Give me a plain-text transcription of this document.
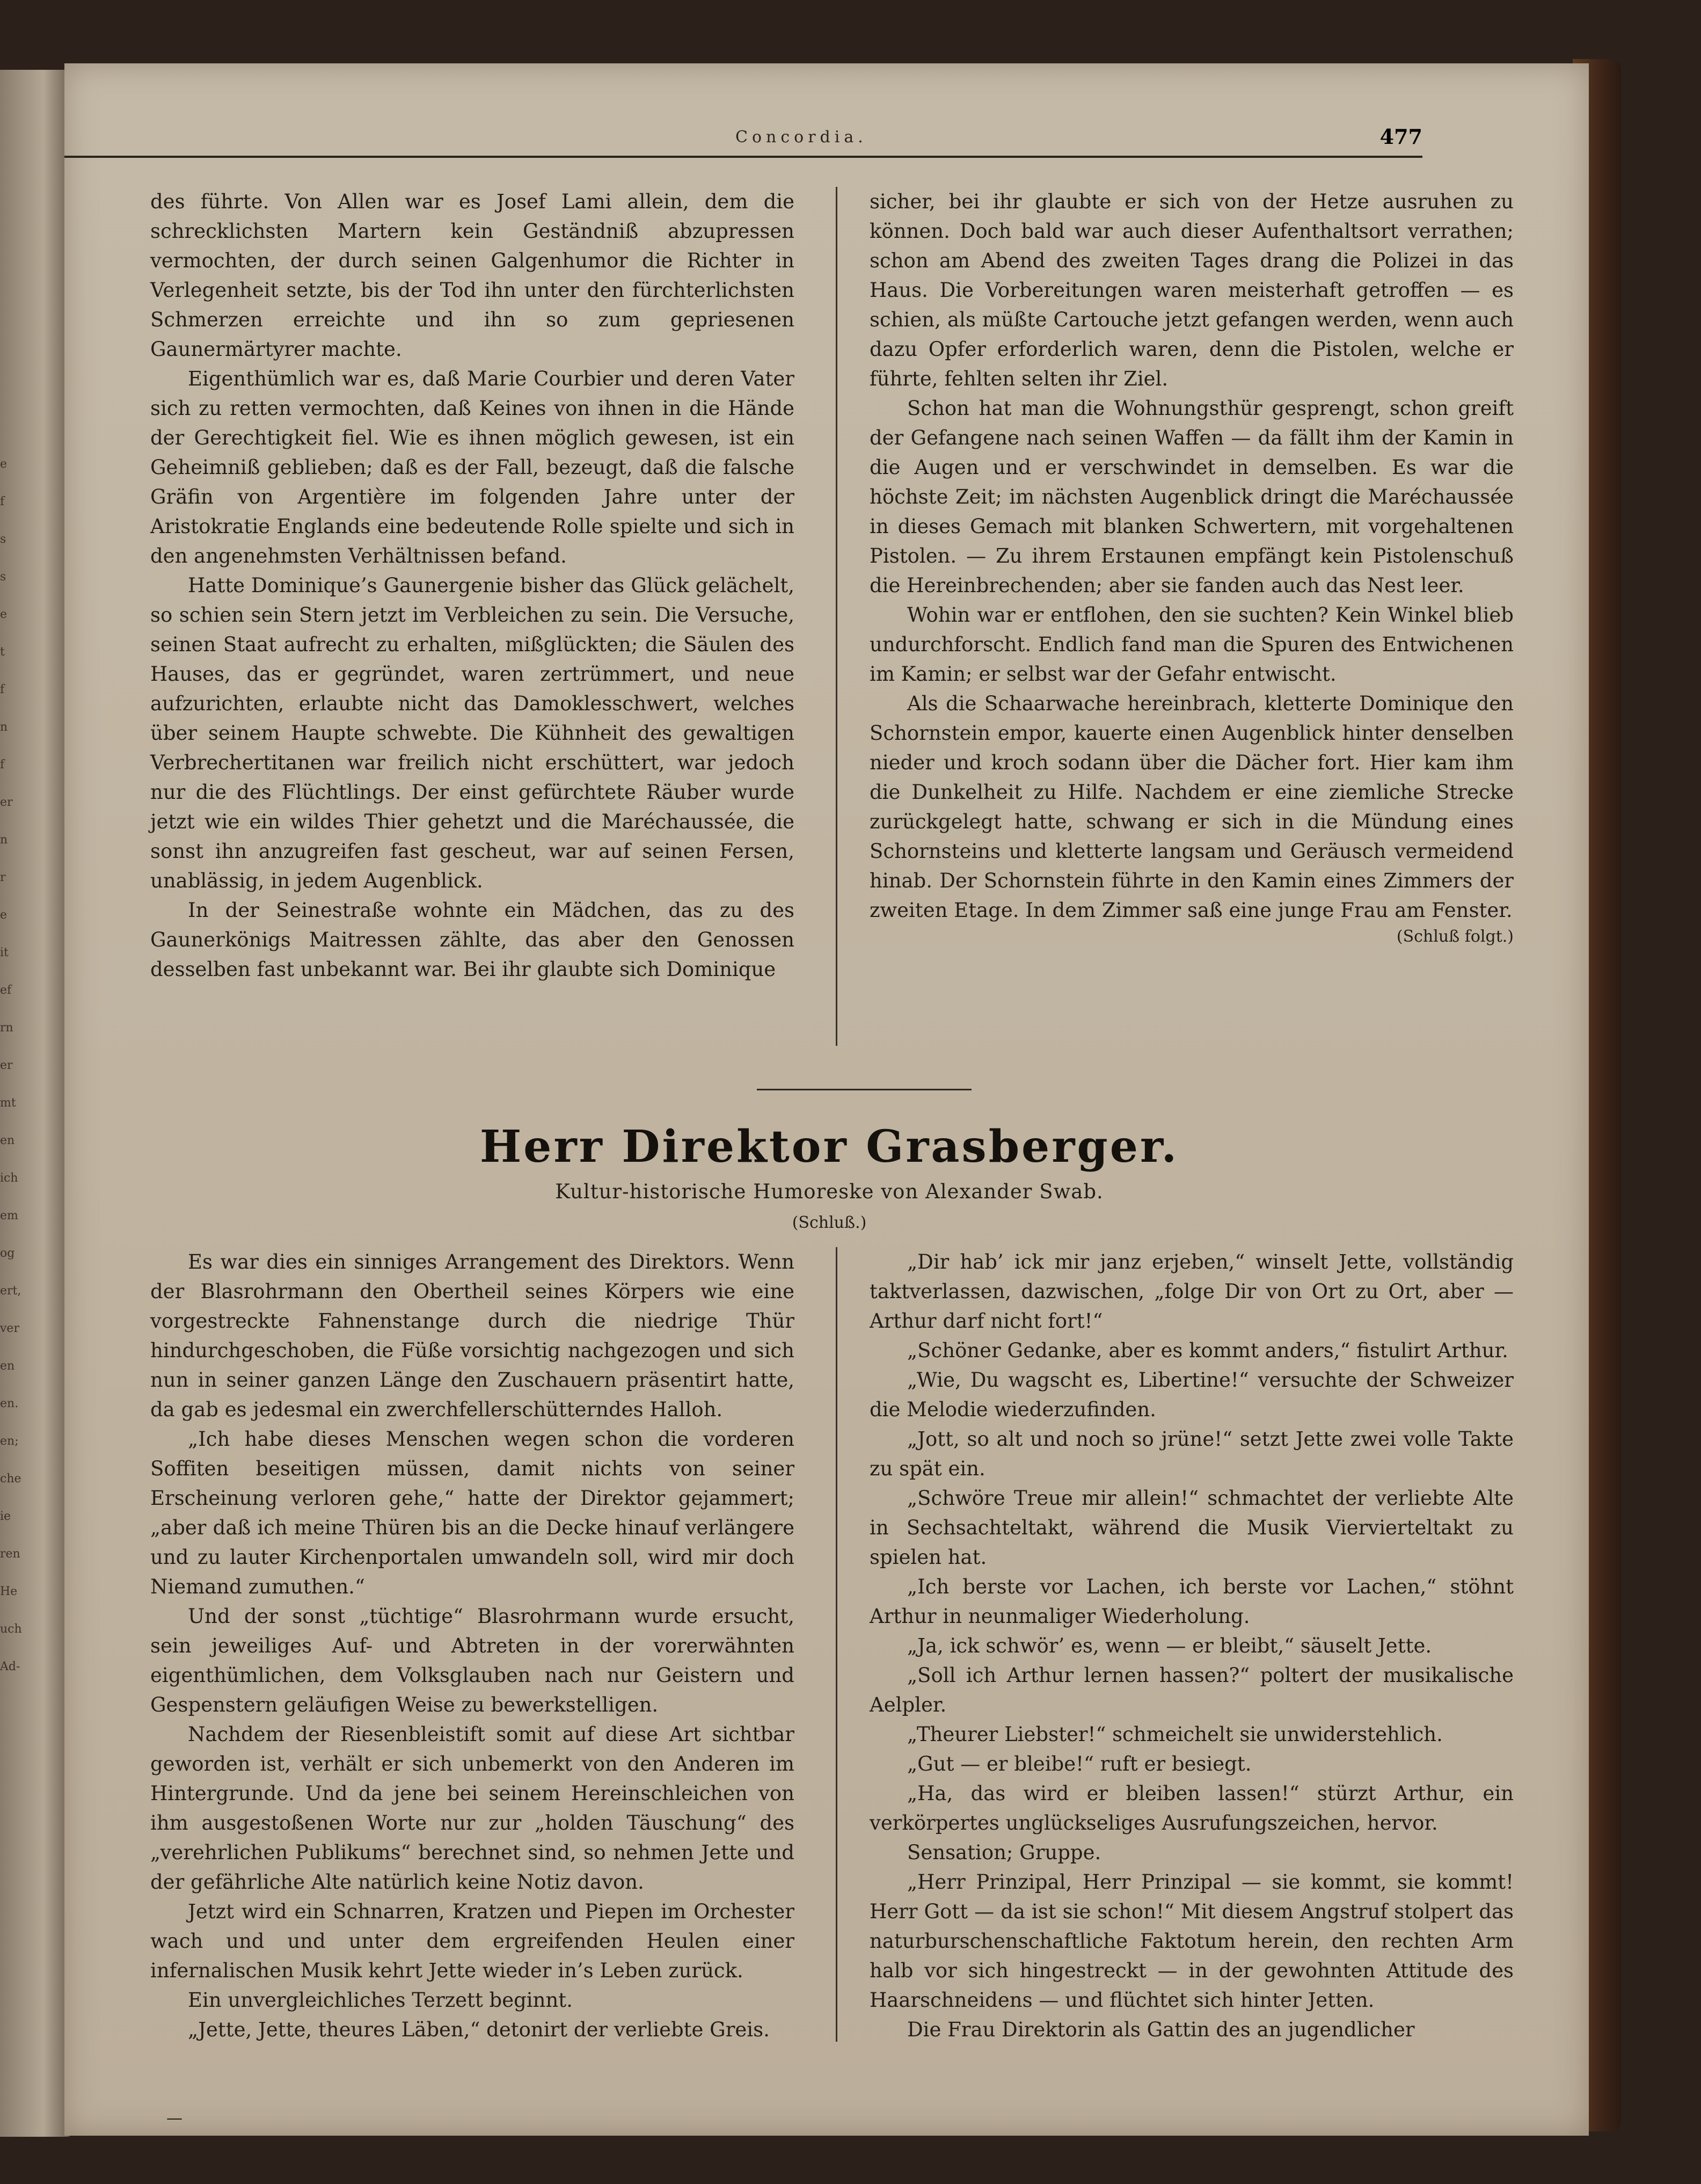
e
f
s
s
e
t
f
n
f
er
n
r
e
it
ef
rn
er
mt
en
ich
em
og
ert,
ver
en
en.
en;
che
ie
ren
He
uch
Ad-
Concordia.	477

des führte. Von Allen war es Josef Lami allein, dem die schrecklichsten Martern kein Geständniß abzupressen vermochten, der durch seinen Galgenhumor die Richter in Verlegenheit setzte, bis der Tod ihn unter den fürchterlichsten Schmerzen erreichte und ihn so zum gepriesenen Gaunermärtyrer machte.

Eigenthümlich war es, daß Marie Courbier und deren Vater sich zu retten vermochten, daß Keines von ihnen in die Hände der Gerechtigkeit fiel. Wie es ihnen möglich gewesen, ist ein Geheimniß geblieben; daß es der Fall, bezeugt, daß die falsche Gräfin von Argentière im folgenden Jahre unter der Aristokratie Englands eine bedeutende Rolle spielte und sich in den angenehmsten Verhältnissen befand.

Hatte Dominique’s Gaunergenie bisher das Glück gelächelt, so schien sein Stern jetzt im Verbleichen zu sein. Die Versuche, seinen Staat aufrecht zu erhalten, mißglückten; die Säulen des Hauses, das er gegründet, waren zertrümmert, und neue aufzurichten, erlaubte nicht das Damoklesschwert, welches über seinem Haupte schwebte. Die Kühnheit des gewaltigen Verbrechertitanen war freilich nicht erschüttert, war jedoch nur die des Flüchtlings. Der einst gefürchtete Räuber wurde jetzt wie ein wildes Thier gehetzt und die Maréchaussée, die sonst ihn anzugreifen fast gescheut, war auf seinen Fersen, unablässig, in jedem Augenblick.

In der Seinestraße wohnte ein Mädchen, das zu des Gaunerkönigs Maitressen zählte, das aber den Genossen desselben fast unbekannt war. Bei ihr glaubte sich Dominique

sicher, bei ihr glaubte er sich von der Hetze ausruhen zu können. Doch bald war auch dieser Aufenthaltsort verrathen; schon am Abend des zweiten Tages drang die Polizei in das Haus. Die Vorbereitungen waren meisterhaft getroffen — es schien, als müßte Cartouche jetzt gefangen werden, wenn auch dazu Opfer erforderlich waren, denn die Pistolen, welche er führte, fehlten selten ihr Ziel.

Schon hat man die Wohnungsthür gesprengt, schon greift der Gefangene nach seinen Waffen — da fällt ihm der Kamin in die Augen und er verschwindet in demselben. Es war die höchste Zeit; im nächsten Augenblick dringt die Maréchaussée in dieses Gemach mit blanken Schwertern, mit vorgehaltenen Pistolen. — Zu ihrem Erstaunen empfängt kein Pistolenschuß die Hereinbrechenden; aber sie fanden auch das Nest leer.

Wohin war er entflohen, den sie suchten? Kein Winkel blieb undurchforscht. Endlich fand man die Spuren des Entwichenen im Kamin; er selbst war der Gefahr entwischt.

Als die Schaarwache hereinbrach, kletterte Dominique den Schornstein empor, kauerte einen Augenblick hinter denselben nieder und kroch sodann über die Dächer fort. Hier kam ihm die Dunkelheit zu Hilfe. Nachdem er eine ziemliche Strecke zurückgelegt hatte, schwang er sich in die Mündung eines Schornsteins und kletterte langsam und Geräusch vermeidend hinab. Der Schornstein führte in den Kamin eines Zimmers der zweiten Etage. In dem Zimmer saß eine junge Frau am Fenster.

(Schluß folgt.)

Herr Direktor Grasberger.
Kultur-historische Humoreske von Alexander Swab.
(Schluß.)

Es war dies ein sinniges Arrangement des Direktors. Wenn der Blasrohrmann den Obertheil seines Körpers wie eine vorgestreckte Fahnenstange durch die niedrige Thür hindurchgeschoben, die Füße vorsichtig nachgezogen und sich nun in seiner ganzen Länge den Zuschauern präsentirt hatte, da gab es jedesmal ein zwerchfellerschütterndes Halloh.

„Ich habe dieses Menschen wegen schon die vorderen Soffiten beseitigen müssen, damit nichts von seiner Erscheinung verloren gehe,“ hatte der Direktor gejammert; „aber daß ich meine Thüren bis an die Decke hinauf verlängere und zu lauter Kirchenportalen umwandeln soll, wird mir doch Niemand zumuthen.“

Und der sonst „tüchtige“ Blasrohrmann wurde ersucht, sein jeweiliges Auf- und Abtreten in der vorerwähnten eigenthümlichen, dem Volksglauben nach nur Geistern und Gespenstern geläufigen Weise zu bewerkstelligen.

Nachdem der Riesenbleistift somit auf diese Art sichtbar geworden ist, verhält er sich unbemerkt von den Anderen im Hintergrunde. Und da jene bei seinem Hereinschleichen von ihm ausgestoßenen Worte nur zur „holden Täuschung“ des „verehrlichen Publikums“ berechnet sind, so nehmen Jette und der gefährliche Alte natürlich keine Notiz davon.

Jetzt wird ein Schnarren, Kratzen und Piepen im Orchester wach und und unter dem ergreifenden Heulen einer infernalischen Musik kehrt Jette wieder in’s Leben zurück.

Ein unvergleichliches Terzett beginnt.

„Jette, Jette, theures Läben,“ detonirt der verliebte Greis.

„Dir hab’ ick mir janz erjeben,“ winselt Jette, vollständig taktverlassen, dazwischen, „folge Dir von Ort zu Ort, aber — Arthur darf nicht fort!“

„Schöner Gedanke, aber es kommt anders,“ fistulirt Arthur.

„Wie, Du wagscht es, Libertine!“ versuchte der Schweizer die Melodie wiederzufinden.

„Jott, so alt und noch so jrüne!“ setzt Jette zwei volle Takte zu spät ein.

„Schwöre Treue mir allein!“ schmachtet der verliebte Alte in Sechsachteltakt, während die Musik Viervierteltakt zu spielen hat.

„Ich berste vor Lachen, ich berste vor Lachen,“ stöhnt Arthur in neunmaliger Wiederholung.

„Ja, ick schwör’ es, wenn — er bleibt,“ säuselt Jette.

„Soll ich Arthur lernen hassen?“ poltert der musikalische Aelpler.

„Theurer Liebster!“ schmeichelt sie unwiderstehlich.

„Gut — er bleibe!“ ruft er besiegt.

„Ha, das wird er bleiben lassen!“ stürzt Arthur, ein verkörpertes unglückseliges Ausrufungszeichen, hervor.

Sensation; Gruppe.

„Herr Prinzipal, Herr Prinzipal — sie kommt, sie kommt! Herr Gott — da ist sie schon!“ Mit diesem Angstruf stolpert das naturburschenschaftliche Faktotum herein, den rechten Arm halb vor sich hingestreckt — in der gewohnten Attitude des Haarschneidens — und flüchtet sich hinter Jetten.

Die Frau Direktorin als Gattin des an jugendlicher

—
